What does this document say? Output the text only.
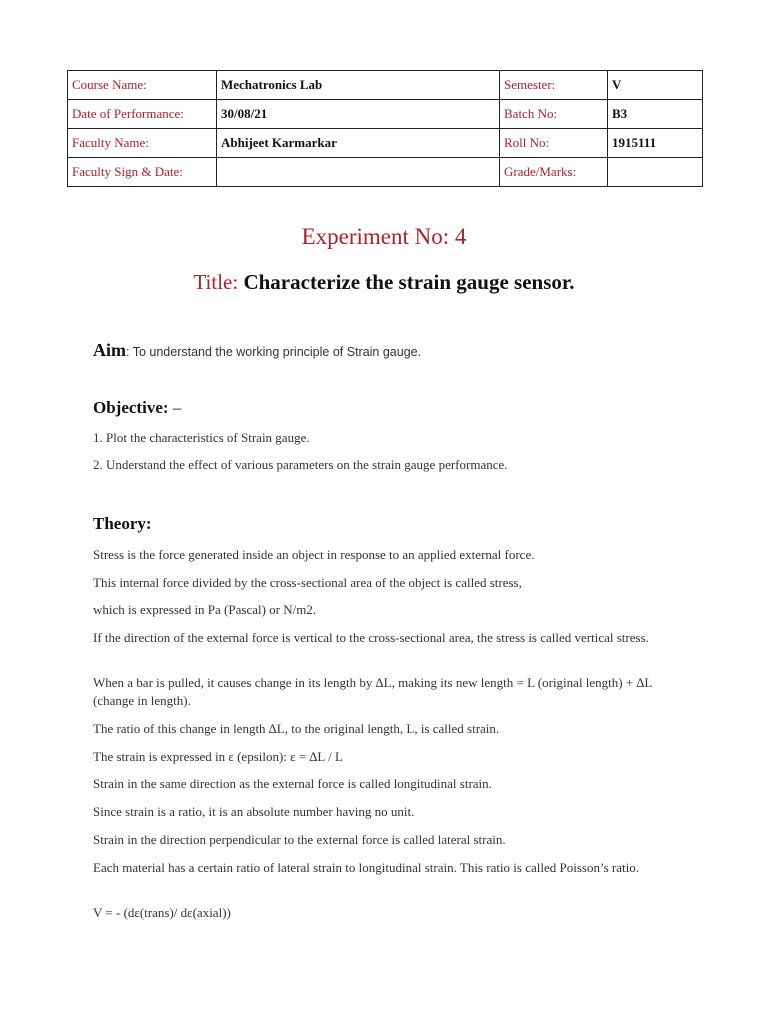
Course Name:	Mechatronics Lab	Semester:	V
Date of Performance:	30/08/21	Batch No:	B3
Faculty Name:	Abhijeet Karmarkar	Roll No:	1915111
Faculty Sign & Date:		Grade/Marks:	
Experiment No: 4
Title: Characterize the strain gauge sensor.
Aim: To understand the working principle of Strain gauge.
Objective: –
1. Plot the characteristics of Strain gauge.
2. Understand the effect of various parameters on the strain gauge performance.
Theory:
Stress is the force generated inside an object in response to an applied external force.
This internal force divided by the cross-sectional area of the object is called stress,
which is expressed in Pa (Pascal) or N/m2.
If the direction of the external force is vertical to the cross-sectional area, the stress is called vertical stress.
When a bar is pulled, it causes change in its length by ∆L, making its new length = L (original length) + ∆L (change in length).
The ratio of this change in length ∆L, to the original length, L, is called strain.
The strain is expressed in ε (epsilon): ε = ∆L / L
Strain in the same direction as the external force is called longitudinal strain.
Since strain is a ratio, it is an absolute number having no unit.
Strain in the direction perpendicular to the external force is called lateral strain.
Each material has a certain ratio of lateral strain to longitudinal strain. This ratio is called Poisson’s ratio.
V = - (dε(trans)/ dε(axial))
